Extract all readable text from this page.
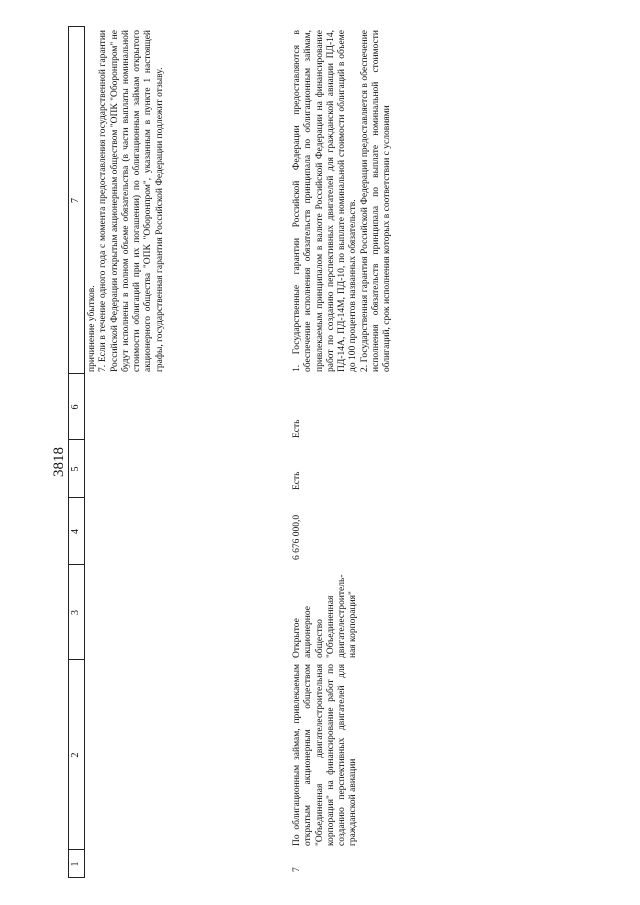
3818

1
2
3
4
5
6
7

причинение убытков.
7. Если в течение одного года с момента предоставления государственной гарантии Российской Федерации открытым акционерным обществом "ОПК "Оборонпром" не будут исполнены в полном объеме обязательства (в части выплаты номинальной стоимости облигаций при их погашении) по облигационным займам открытого акционерного общества "ОПК "Оборонпром", указанным в пункте 1 настоящей графы, государственная гарантия Российской Федерации подлежит отзыву.

7

По облигационным займам, привлекаемым открытым акционерным обществом "Объединенная двигателестроительная корпорация" на финансирование работ по созданию перспективных двигателей для гражданской авиации

Открытое акционерное общество "Объединенная двигателестроитель-ная корпорация"

6 676 000,0

Есть

Есть

1. Государственные гарантии Российской Федерации предоставляются в обеспечение исполнения обязательств принципала по облигационным займам, привлекаемым принципалом в валюте Российской Федерации на финансирование работ по созданию перспективных двигателей для гражданской авиации ПД-14, ПД-14А, ПД-14М, ПД-10, по выплате номинальной стоимости облигаций в объеме до 100 процентов названных обязательств.
2. Государственная гарантия Российской Федерации предоставляется в обеспечение исполнения обязательств принципала по выплате номинальной стоимости облигаций, срок исполнения которых в соответствии с условиями
